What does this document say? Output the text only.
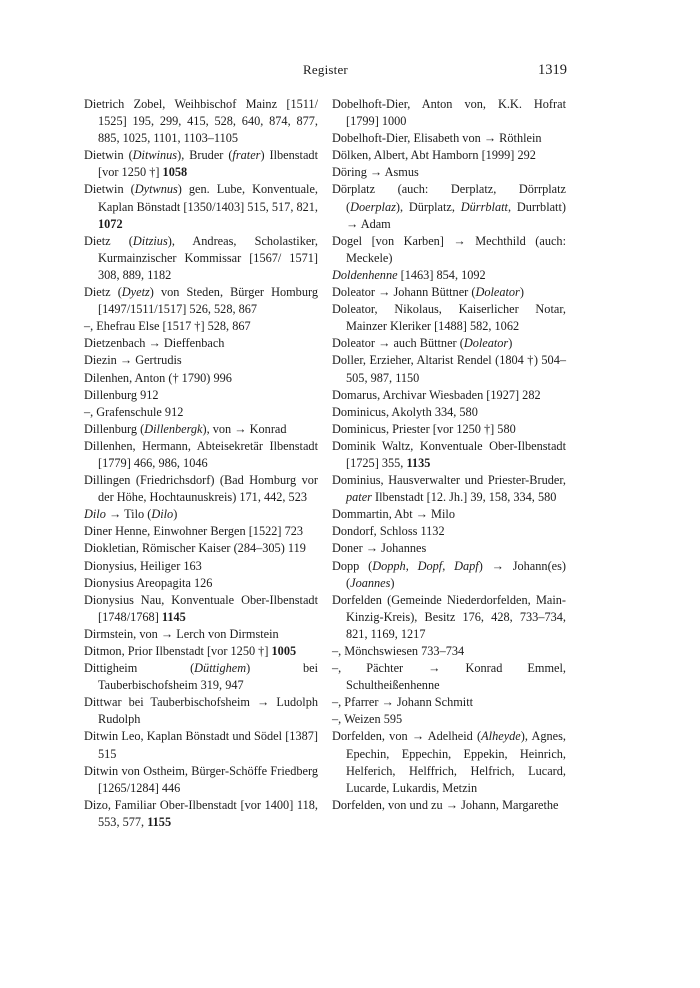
Register	1319

Dietrich Zobel, Weihbischof Mainz [1511/ 1525] 195, 299, 415, 528, 640, 874, 877, 885, 1025, 1101, 1103–1105

Dietwin (Ditwinus), Bruder (frater) Ilbenstadt [vor 1250 †] 1058

Dietwin (Dytwnus) gen. Lube, Konventuale, Kaplan Bönstadt [1350/1403] 515, 517, 821, 1072

Dietz (Ditzius), Andreas, Scholastiker, Kurmainzischer Kommissar [1567/ 1571] 308, 889, 1182

Dietz (Dyetz) von Steden, Bürger Homburg [1497/1511/1517] 526, 528, 867

–, Ehefrau Else [1517 †] 528, 867

Dietzenbach → Dieffenbach

Diezin → Gertrudis

Dilenhen, Anton († 1790) 996

Dillenburg 912

–, Grafenschule 912

Dillenburg (Dillenbergk), von → Konrad

Dillenhen, Hermann, Abteisekretär Ilbenstadt [1779] 466, 986, 1046

Dillingen (Friedrichsdorf) (Bad Homburg vor der Höhe, Hochtaunuskreis) 171, 442, 523

Dilo → Tilo (Dilo)

Diner Henne, Einwohner Bergen [1522] 723

Diokletian, Römischer Kaiser (284–305) 119

Dionysius, Heiliger 163

Dionysius Areopagita 126

Dionysius Nau, Konventuale Ober-Ilbenstadt [1748/1768] 1145

Dirmstein, von → Lerch von Dirmstein

Ditmon, Prior Ilbenstadt [vor 1250 †] 1005

Dittigheim (Düttighem) bei Tauberbischofsheim 319, 947

Dittwar bei Tauberbischofsheim → Ludolph Rudolph

Ditwin Leo, Kaplan Bönstadt und Södel [1387] 515

Ditwin von Ostheim, Bürger-Schöffe Friedberg [1265/1284] 446

Dizo, Familiar Ober-Ilbenstadt [vor 1400] 118, 553, 577, 1155

Dobelhoft-Dier, Anton von, K.K. Hofrat [1799] 1000

Dobelhoft-Dier, Elisabeth von → Röthlein

Dölken, Albert, Abt Hamborn [1999] 292

Döring → Asmus

Dörplatz (auch: Derplatz, Dörrplatz (Doerplaz), Dürplatz, Dürrblatt, Durrblatt) → Adam

Dogel [von Karben] → Mechthild (auch: Meckele)

Doldenhenne [1463] 854, 1092

Doleator → Johann Büttner (Doleator)

Doleator, Nikolaus, Kaiserlicher Notar, Mainzer Kleriker [1488] 582, 1062

Doleator → auch Büttner (Doleator)

Doller, Erzieher, Altarist Rendel (1804 †) 504–505, 987, 1150

Domarus, Archivar Wiesbaden [1927] 282

Dominicus, Akolyth 334, 580

Dominicus, Priester [vor 1250 †] 580

Dominik Waltz, Konventuale Ober-Ilbenstadt [1725] 355, 1135

Dominius, Hausverwalter und Priester-Bruder, pater Ilbenstadt [12. Jh.] 39, 158, 334, 580

Dommartin, Abt → Milo

Dondorf, Schloss 1132

Doner → Johannes

Dopp (Dopph, Dopf, Dapf) → Johann(es) (Joannes)

Dorfelden (Gemeinde Niederdorfelden, Main-Kinzig-Kreis), Besitz 176, 428, 733–734, 821, 1169, 1217

–, Mönchswiesen 733–734

–, Pächter → Konrad Emmel, Schultheißenhenne

–, Pfarrer → Johann Schmitt

–, Weizen 595

Dorfelden, von → Adelheid (Alheyde), Agnes, Epechin, Eppechin, Eppekin, Heinrich, Helferich, Helffrich, Helfrich, Lucard, Lucarde, Lukardis, Metzin

Dorfelden, von und zu → Johann, Margarethe
